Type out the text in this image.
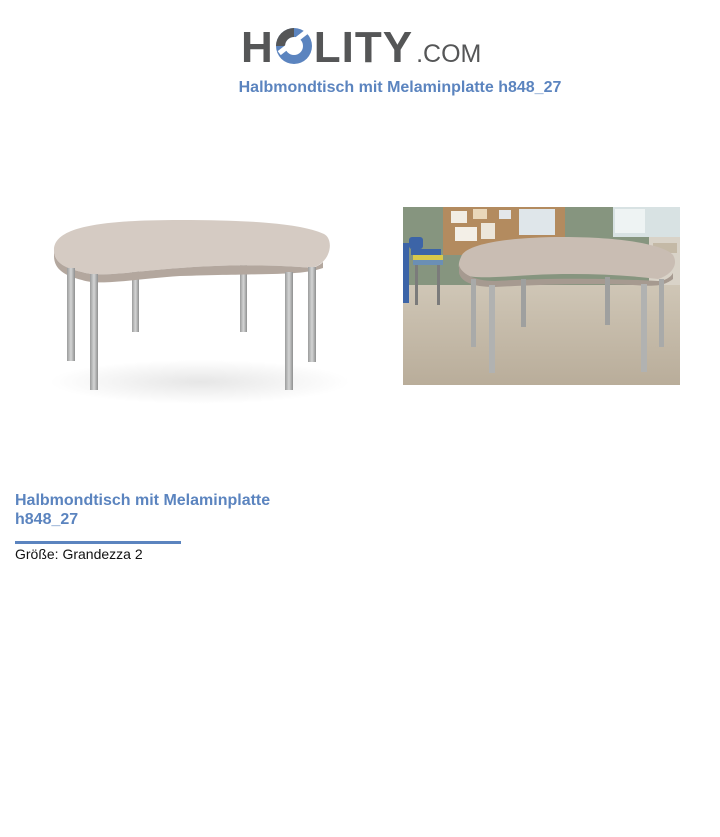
H LITY .COM
Halbmondtisch mit Melaminplatte h848_27
Halbmondtisch mit Melaminplatte h848_27
Größe: Grandezza 2
